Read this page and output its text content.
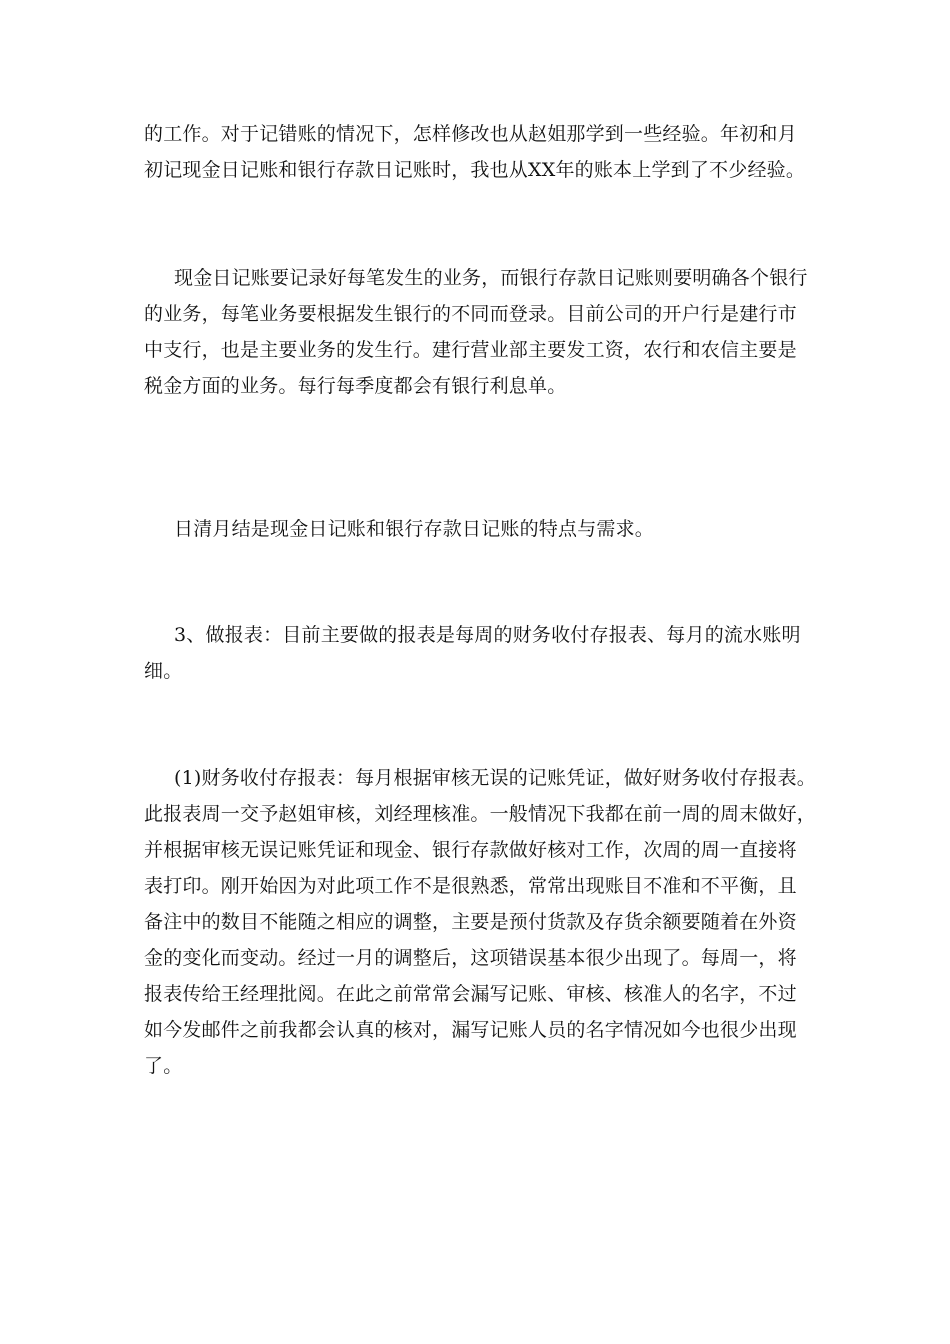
的工作。对于记错账的情况下，怎样修改也从赵姐那学到一些经验。年初和月
初记现金日记账和银行存款日记账时，我也从XX年的账本上学到了不少经验。

现金日记账要记录好每笔发生的业务，而银行存款日记账则要明确各个银行
的业务，每笔业务要根据发生银行的不同而登录。目前公司的开户行是建行市
中支行，也是主要业务的发生行。建行营业部主要发工资，农行和农信主要是
税金方面的业务。每行每季度都会有银行利息单。

日清月结是现金日记账和银行存款日记账的特点与需求。

3、做报表：目前主要做的报表是每周的财务收付存报表、每月的流水账明
细。

(1)财务收付存报表：每月根据审核无误的记账凭证，做好财务收付存报表。
此报表周一交予赵姐审核，刘经理核准。一般情况下我都在前一周的周末做好，
并根据审核无误记账凭证和现金、银行存款做好核对工作，次周的周一直接将
表打印。刚开始因为对此项工作不是很熟悉，常常出现账目不准和不平衡，且
备注中的数目不能随之相应的调整，主要是预付货款及存货余额要随着在外资
金的变化而变动。经过一月的调整后，这项错误基本很少出现了。每周一，将
报表传给王经理批阅。在此之前常常会漏写记账、审核、核准人的名字，不过
如今发邮件之前我都会认真的核对，漏写记账人员的名字情况如今也很少出现
了。
